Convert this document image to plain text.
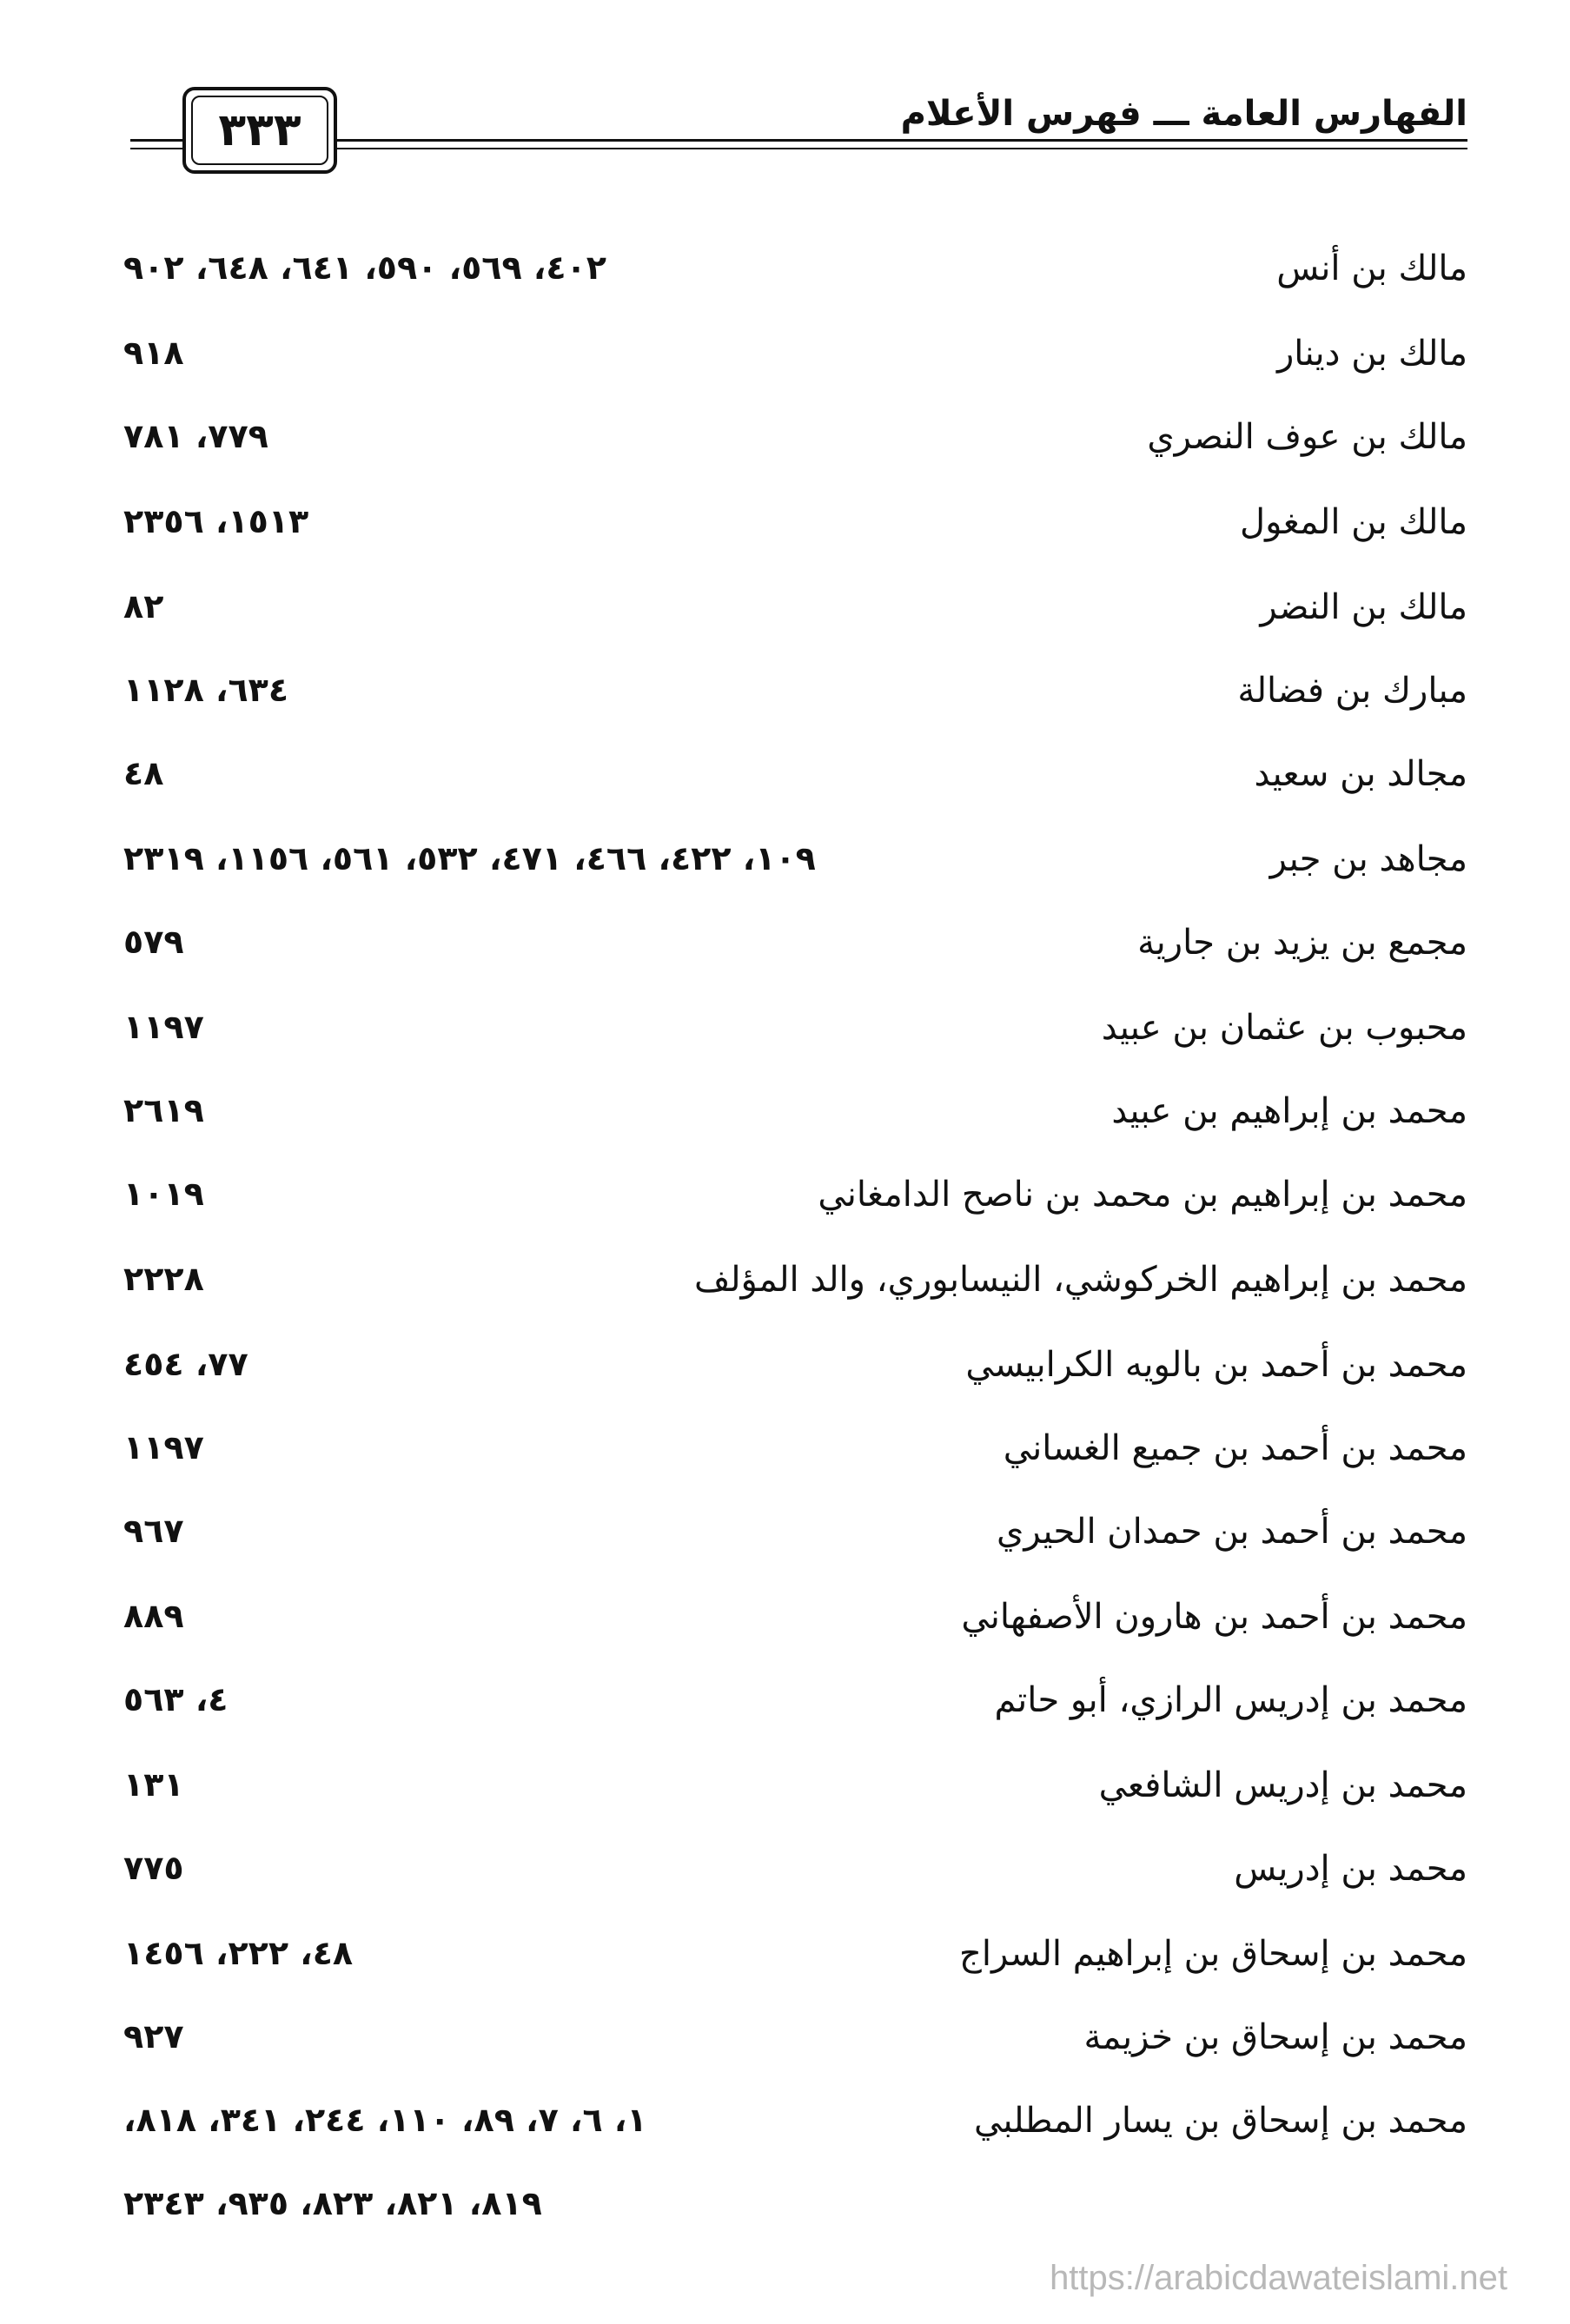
الفهارس العامة ـــ فهرس الأعلام
٣٣٣
مالك بن أنس
٤٠٢، ٥٦٩، ٥٩٠، ٦٤١، ٦٤٨، ٩٠٢
مالك بن دينار
٩١٨
مالك بن عوف النصري
٧٧٩، ٧٨١
مالك بن المغول
١٥١٣، ٢٣٥٦
مالك بن النضر
٨٢
مبارك بن فضالة
٦٣٤، ١١٢٨
مجالد بن سعيد
٤٨
مجاهد بن جبر
١٠٩، ٤٢٢، ٤٦٦، ٤٧١، ٥٣٢، ٥٦١، ١١٥٦، ٢٣١٩
مجمع بن يزيد بن جارية
٥٧٩
محبوب بن عثمان بن عبيد
١١٩٧
محمد بن إبراهيم بن عبيد
٢٦١٩
محمد بن إبراهيم بن محمد بن ناصح الدامغاني
١٠١٩
محمد بن إبراهيم الخركوشي، النيسابوري، والد المؤلف
٢٢٢٨
محمد بن أحمد بن بالويه الكرابيسي
٧٧، ٤٥٤
محمد بن أحمد بن جميع الغساني
١١٩٧
محمد بن أحمد بن حمدان الحيري
٩٦٧
محمد بن أحمد بن هارون الأصفهاني
٨٨٩
محمد بن إدريس الرازي، أبو حاتم
٤، ٥٦٣
محمد بن إدريس الشافعي
١٣١
محمد بن إدريس
٧٧٥
محمد بن إسحاق بن إبراهيم السراج
٤٨، ٢٢٢، ١٤٥٦
محمد بن إسحاق بن خزيمة
٩٢٧
محمد بن إسحاق بن يسار المطلبي
١، ٦، ٧، ٨٩، ١١٠، ٢٤٤، ٣٤١، ٨١٨،
٨١٩، ٨٢١، ٨٢٣، ٩٣٥، ٢٣٤٣
https://arabicdawateislami.net
